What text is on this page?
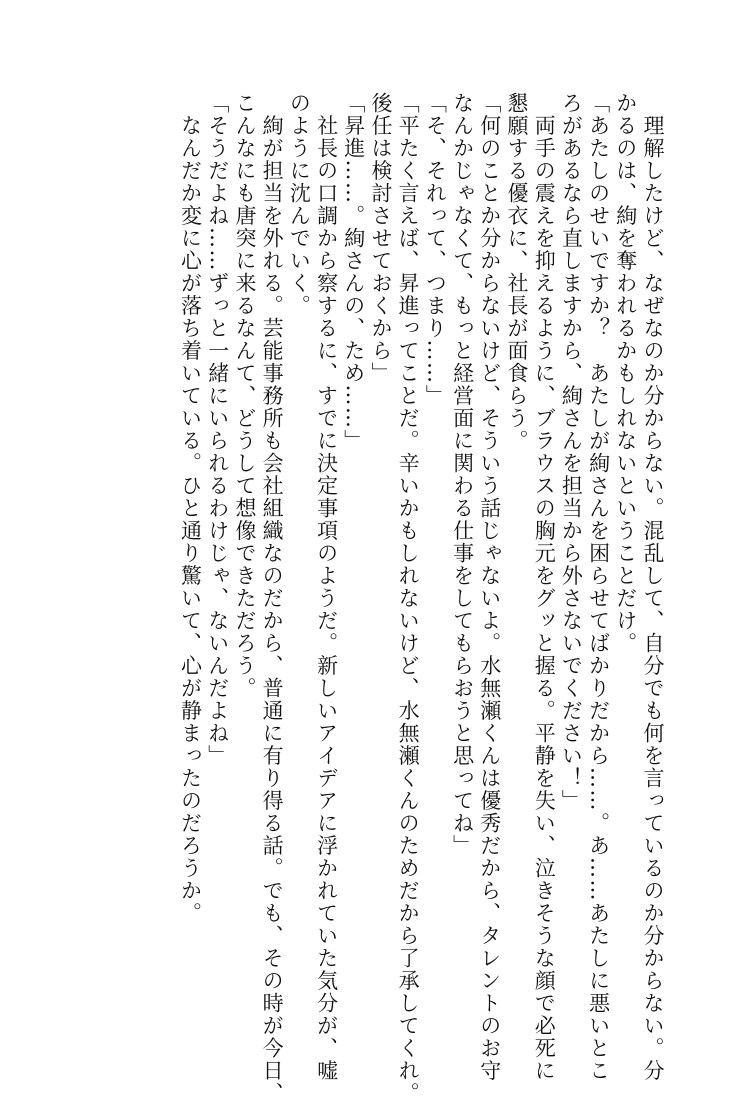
　理解したけど、なぜなのか分からない。混乱して、自分でも何を言っているのか分からない。分
かるのは、絢を奪われるかもしれないということだけ。
「あたしのせいですか？　あたしが絢さんを困らせてばかりだから……。あ……あたしに悪いとこ
ろがあるなら直しますから、絢さんを担当から外さないでください！」
　両手の震えを抑えるように、ブラウスの胸元をグッと握る。平静を失い、泣きそうな顔で必死に
懇願する優衣に、社長が面食らう。
「何のことか分からないけど、そういう話じゃないよ。水無瀬くんは優秀だから、タレントのお守
なんかじゃなくて、もっと経営面に関わる仕事をしてもらおうと思ってね」
「そ、それって、つまり……」
「平たく言えば、昇進ってことだ。辛いかもしれないけど、水無瀬くんのためだから了承してくれ。
後任は検討させておくから」
「昇進……。絢さんの、ため……」
　社長の口調から察するに、すでに決定事項のようだ。新しいアイデアに浮かれていた気分が、嘘
のように沈んでいく。
　絢が担当を外れる。芸能事務所も会社組織なのだから、普通に有り得る話。でも、その時が今日、
こんなにも唐突に来るなんて、どうして想像できただろう。
「そうだよね……ずっと一緒にいられるわけじゃ、ないんだよね」
　なんだか変に心が落ち着いている。ひと通り驚いて、心が静まったのだろうか。
